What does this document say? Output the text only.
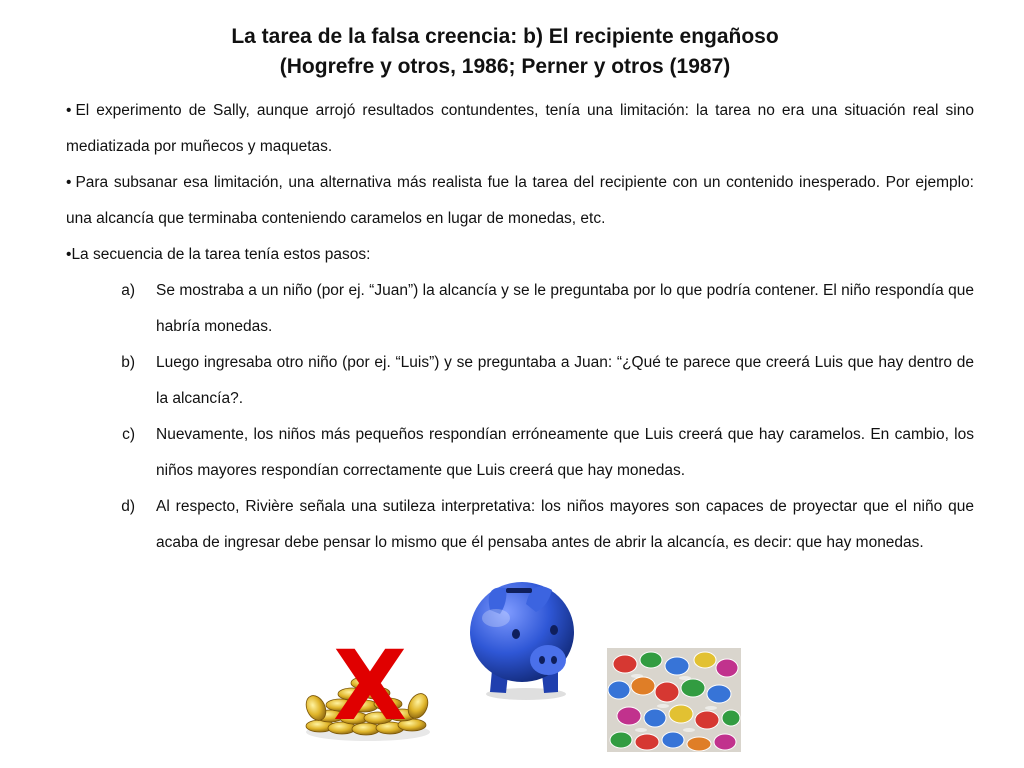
La tarea de la falsa creencia: b) El recipiente engañoso
(Hogrefre y otros, 1986; Perner y otros (1987)

• El experimento de Sally, aunque arrojó resultados contundentes, tenía una limitación: la tarea no era una situación real sino mediatizada por muñecos y maquetas.

• Para subsanar esa limitación, una alternativa más realista fue la tarea del recipiente con un contenido inesperado. Por ejemplo: una alcancía que terminaba conteniendo caramelos en lugar de monedas, etc.

•La secuencia de la tarea tenía estos pasos:

a)	Se mostraba a un niño (por ej. “Juan”) la alcancía y se le preguntaba por lo que podría contener. El niño respondía que habría monedas.
b)	Luego ingresaba otro niño (por ej. “Luis”) y se preguntaba a Juan: “¿Qué te parece que creerá Luis que hay dentro de la alcancía?.
c)	Nuevamente, los niños más pequeños respondían erróneamente que Luis creerá que hay caramelos. En cambio, los niños mayores respondían correctamente que Luis creerá que hay monedas.
d)	Al respecto, Rivière señala una sutileza interpretativa: los niños mayores son capaces de proyectar que el niño que acaba de ingresar debe pensar lo mismo que él pensaba antes de abrir la alcancía, es decir: que hay monedas.
X
